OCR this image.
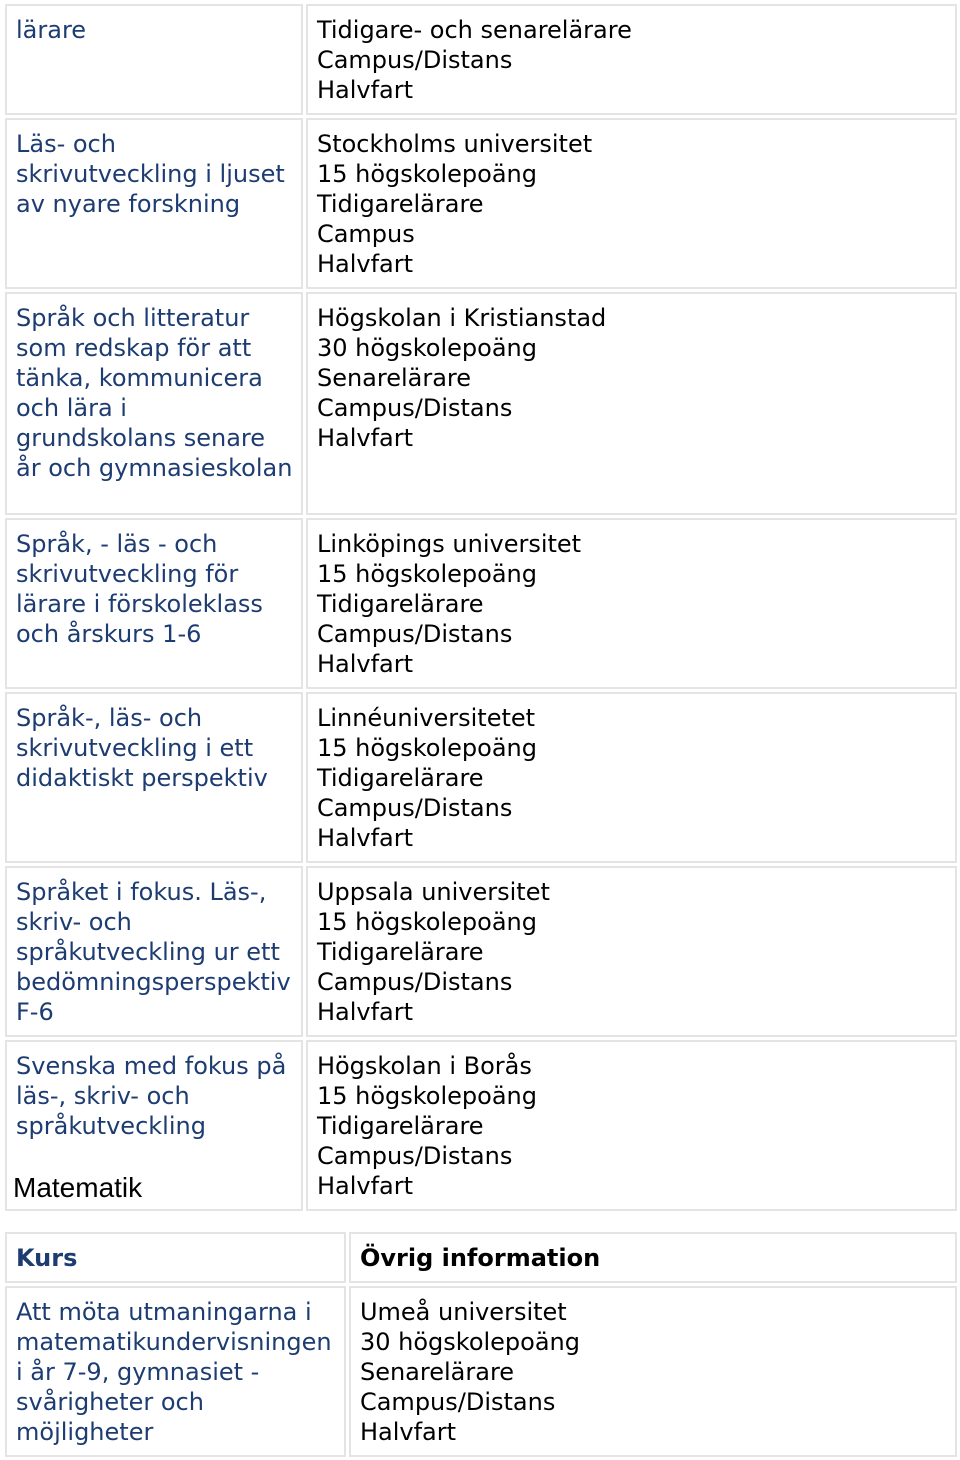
lärare	Tidigare- och senarelärare
Campus/Distans
Halvfart

Läs- och skrivutveckling i ljuset av nyare forskning	Stockholms universitet
15 högskolepoäng
Tidigarelärare
Campus
Halvfart

Språk och litteratur som redskap för att tänka, kommunicera och lära i grundskolans senare år och gymnasieskolan	Högskolan i Kristianstad
30 högskolepoäng
Senarelärare
Campus/Distans
Halvfart

Språk, - läs - och skrivutveckling för lärare i förskoleklass och årskurs 1-6	Linköpings universitet
15 högskolepoäng
Tidigarelärare
Campus/Distans
Halvfart

Språk-, läs- och skrivutveckling i ett didaktiskt perspektiv	Linnéuniversitetet
15 högskolepoäng
Tidigarelärare
Campus/Distans
Halvfart

Språket i fokus. Läs-, skriv- och språkutveckling ur ett bedömningsperspektiv F-6	Uppsala universitet
15 högskolepoäng
Tidigarelärare
Campus/Distans
Halvfart

Svenska med fokus på läs-, skriv- och språkutveckling	Högskolan i Borås
15 högskolepoäng
Tidigarelärare
Campus/Distans
Halvfart
Matematik
Kurs	Övrig information

Att möta utmaningarna i matematikundervisningen i år 7-9, gymnasiet - svårigheter och möjligheter	Umeå universitet
30 högskolepoäng
Senarelärare
Campus/Distans
Halvfart
